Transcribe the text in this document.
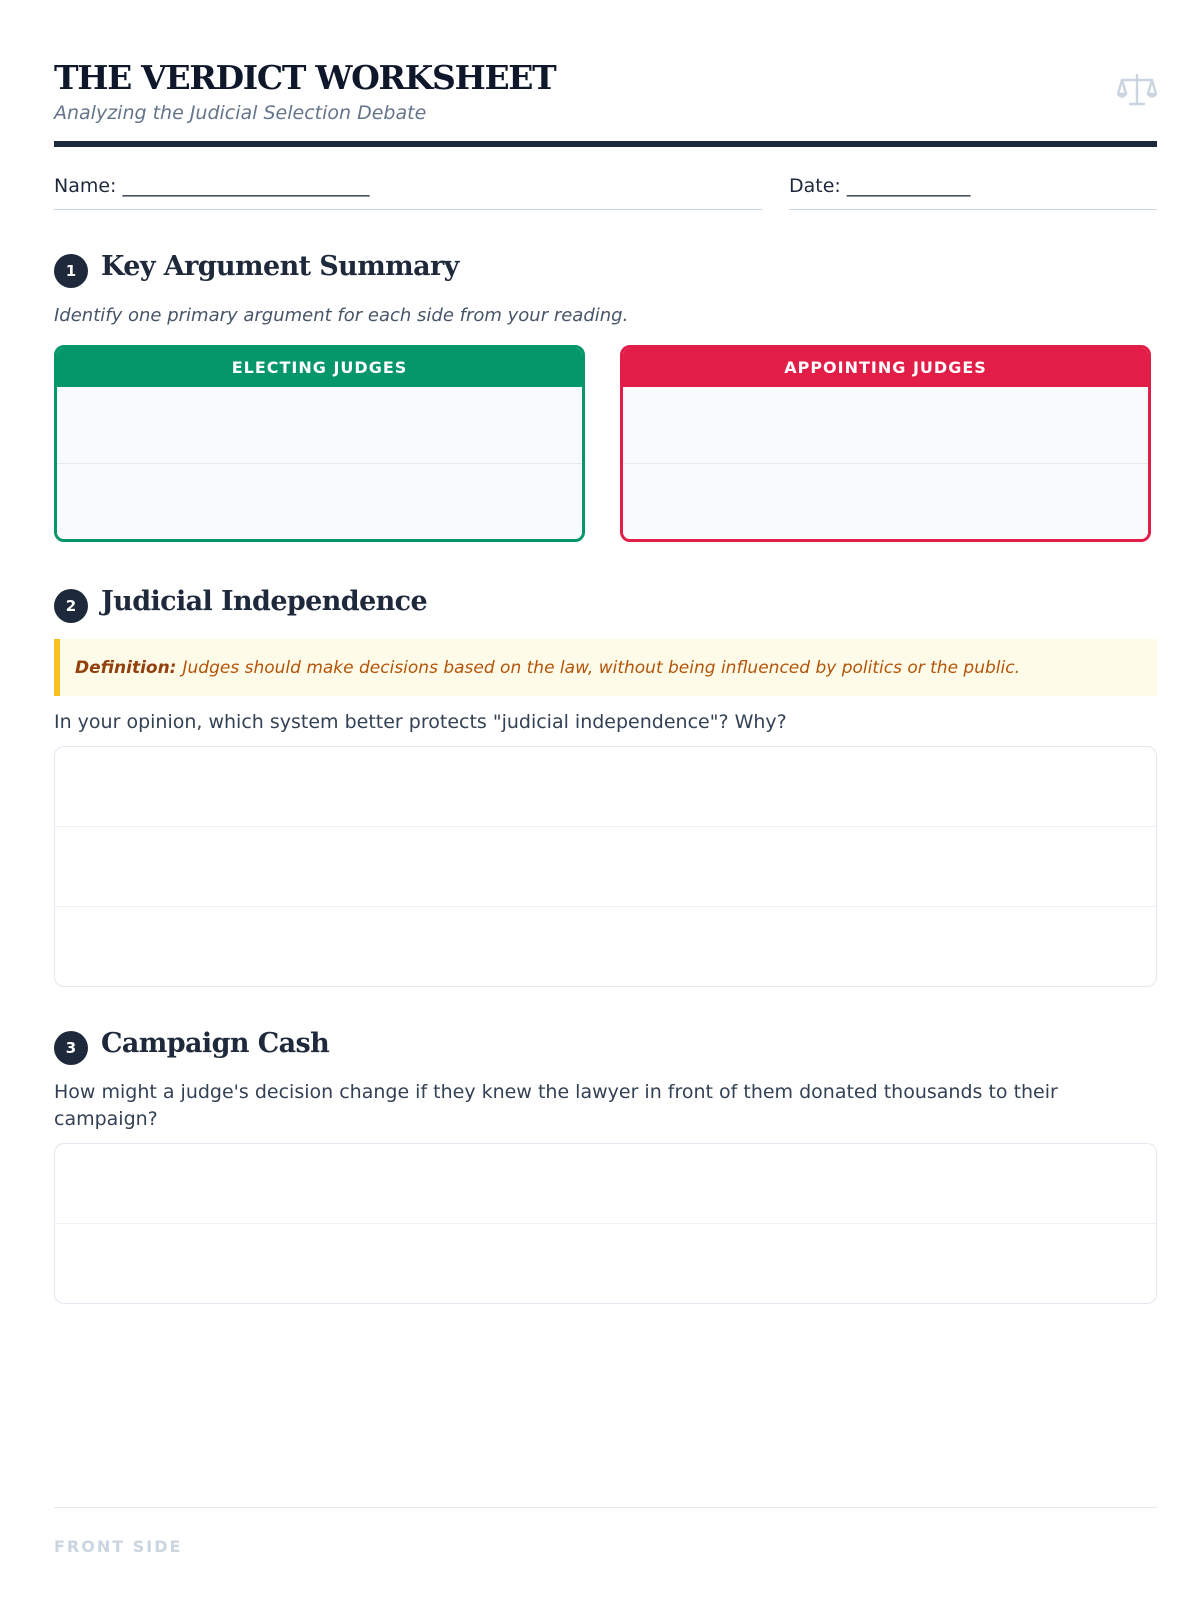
THE VERDICT WORKSHEET
Analyzing the Judicial Selection Debate
Name: __________________________	Date: _____________
1 Key Argument Summary
Identify one primary argument for each side from your reading.
ELECTING JUDGES	APPOINTING JUDGES
2 Judicial Independence
Definition: Judges should make decisions based on the law, without being influenced by politics or the public.
In your opinion, which system better protects "judicial independence"? Why?
3 Campaign Cash
How might a judge's decision change if they knew the lawyer in front of them donated thousands to their campaign?
FRONT SIDE
